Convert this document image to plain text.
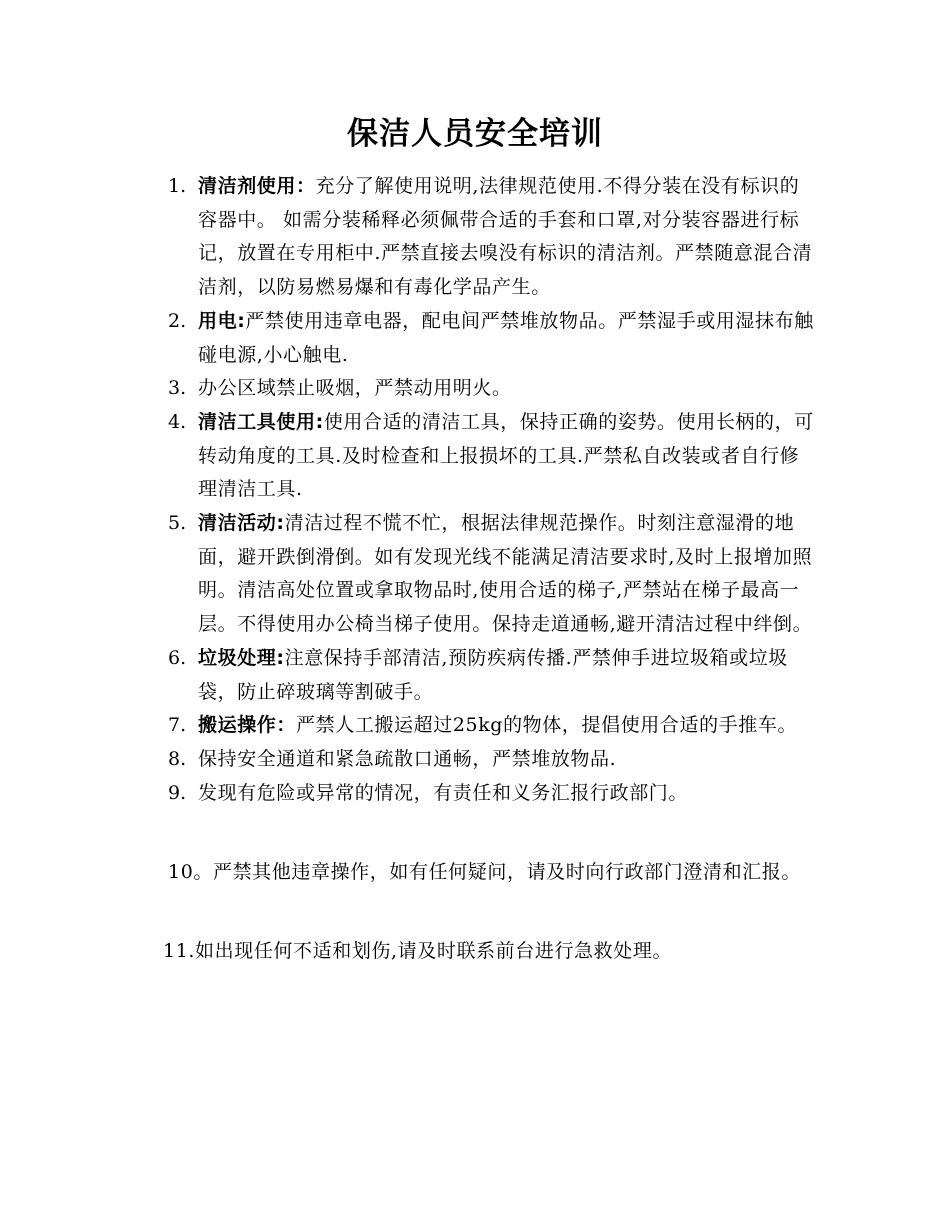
保洁人员安全培训
1. 清洁剂使用：充分了解使用说明,法律规范使用.不得分装在没有标识的容器中。 如需分装稀释必须佩带合适的手套和口罩,对分装容器进行标记，放置在专用柜中.严禁直接去嗅没有标识的清洁剂。严禁随意混合清洁剂，以防易燃易爆和有毒化学品产生。
2. 用电:严禁使用违章电器，配电间严禁堆放物品。严禁湿手或用湿抹布触碰电源,小心触电.
3. 办公区域禁止吸烟，严禁动用明火。
4. 清洁工具使用:使用合适的清洁工具，保持正确的姿势。使用长柄的，可转动角度的工具.及时检查和上报损坏的工具.严禁私自改装或者自行修理清洁工具.
5. 清洁活动:清洁过程不慌不忙，根据法律规范操作。时刻注意湿滑的地面，避开跌倒滑倒。如有发现光线不能满足清洁要求时,及时上报增加照明。清洁高处位置或拿取物品时,使用合适的梯子,严禁站在梯子最高一层。不得使用办公椅当梯子使用。保持走道通畅,避开清洁过程中绊倒。
6. 垃圾处理:注意保持手部清洁,预防疾病传播.严禁伸手进垃圾箱或垃圾袋，防止碎玻璃等割破手。
7. 搬运操作：严禁人工搬运超过25kg的物体，提倡使用合适的手推车。
8. 保持安全通道和紧急疏散口通畅，严禁堆放物品.
9. 发现有危险或异常的情况，有责任和义务汇报行政部门。
10。严禁其他违章操作，如有任何疑问，请及时向行政部门澄清和汇报。
11.如出现任何不适和划伤,请及时联系前台进行急救处理。
